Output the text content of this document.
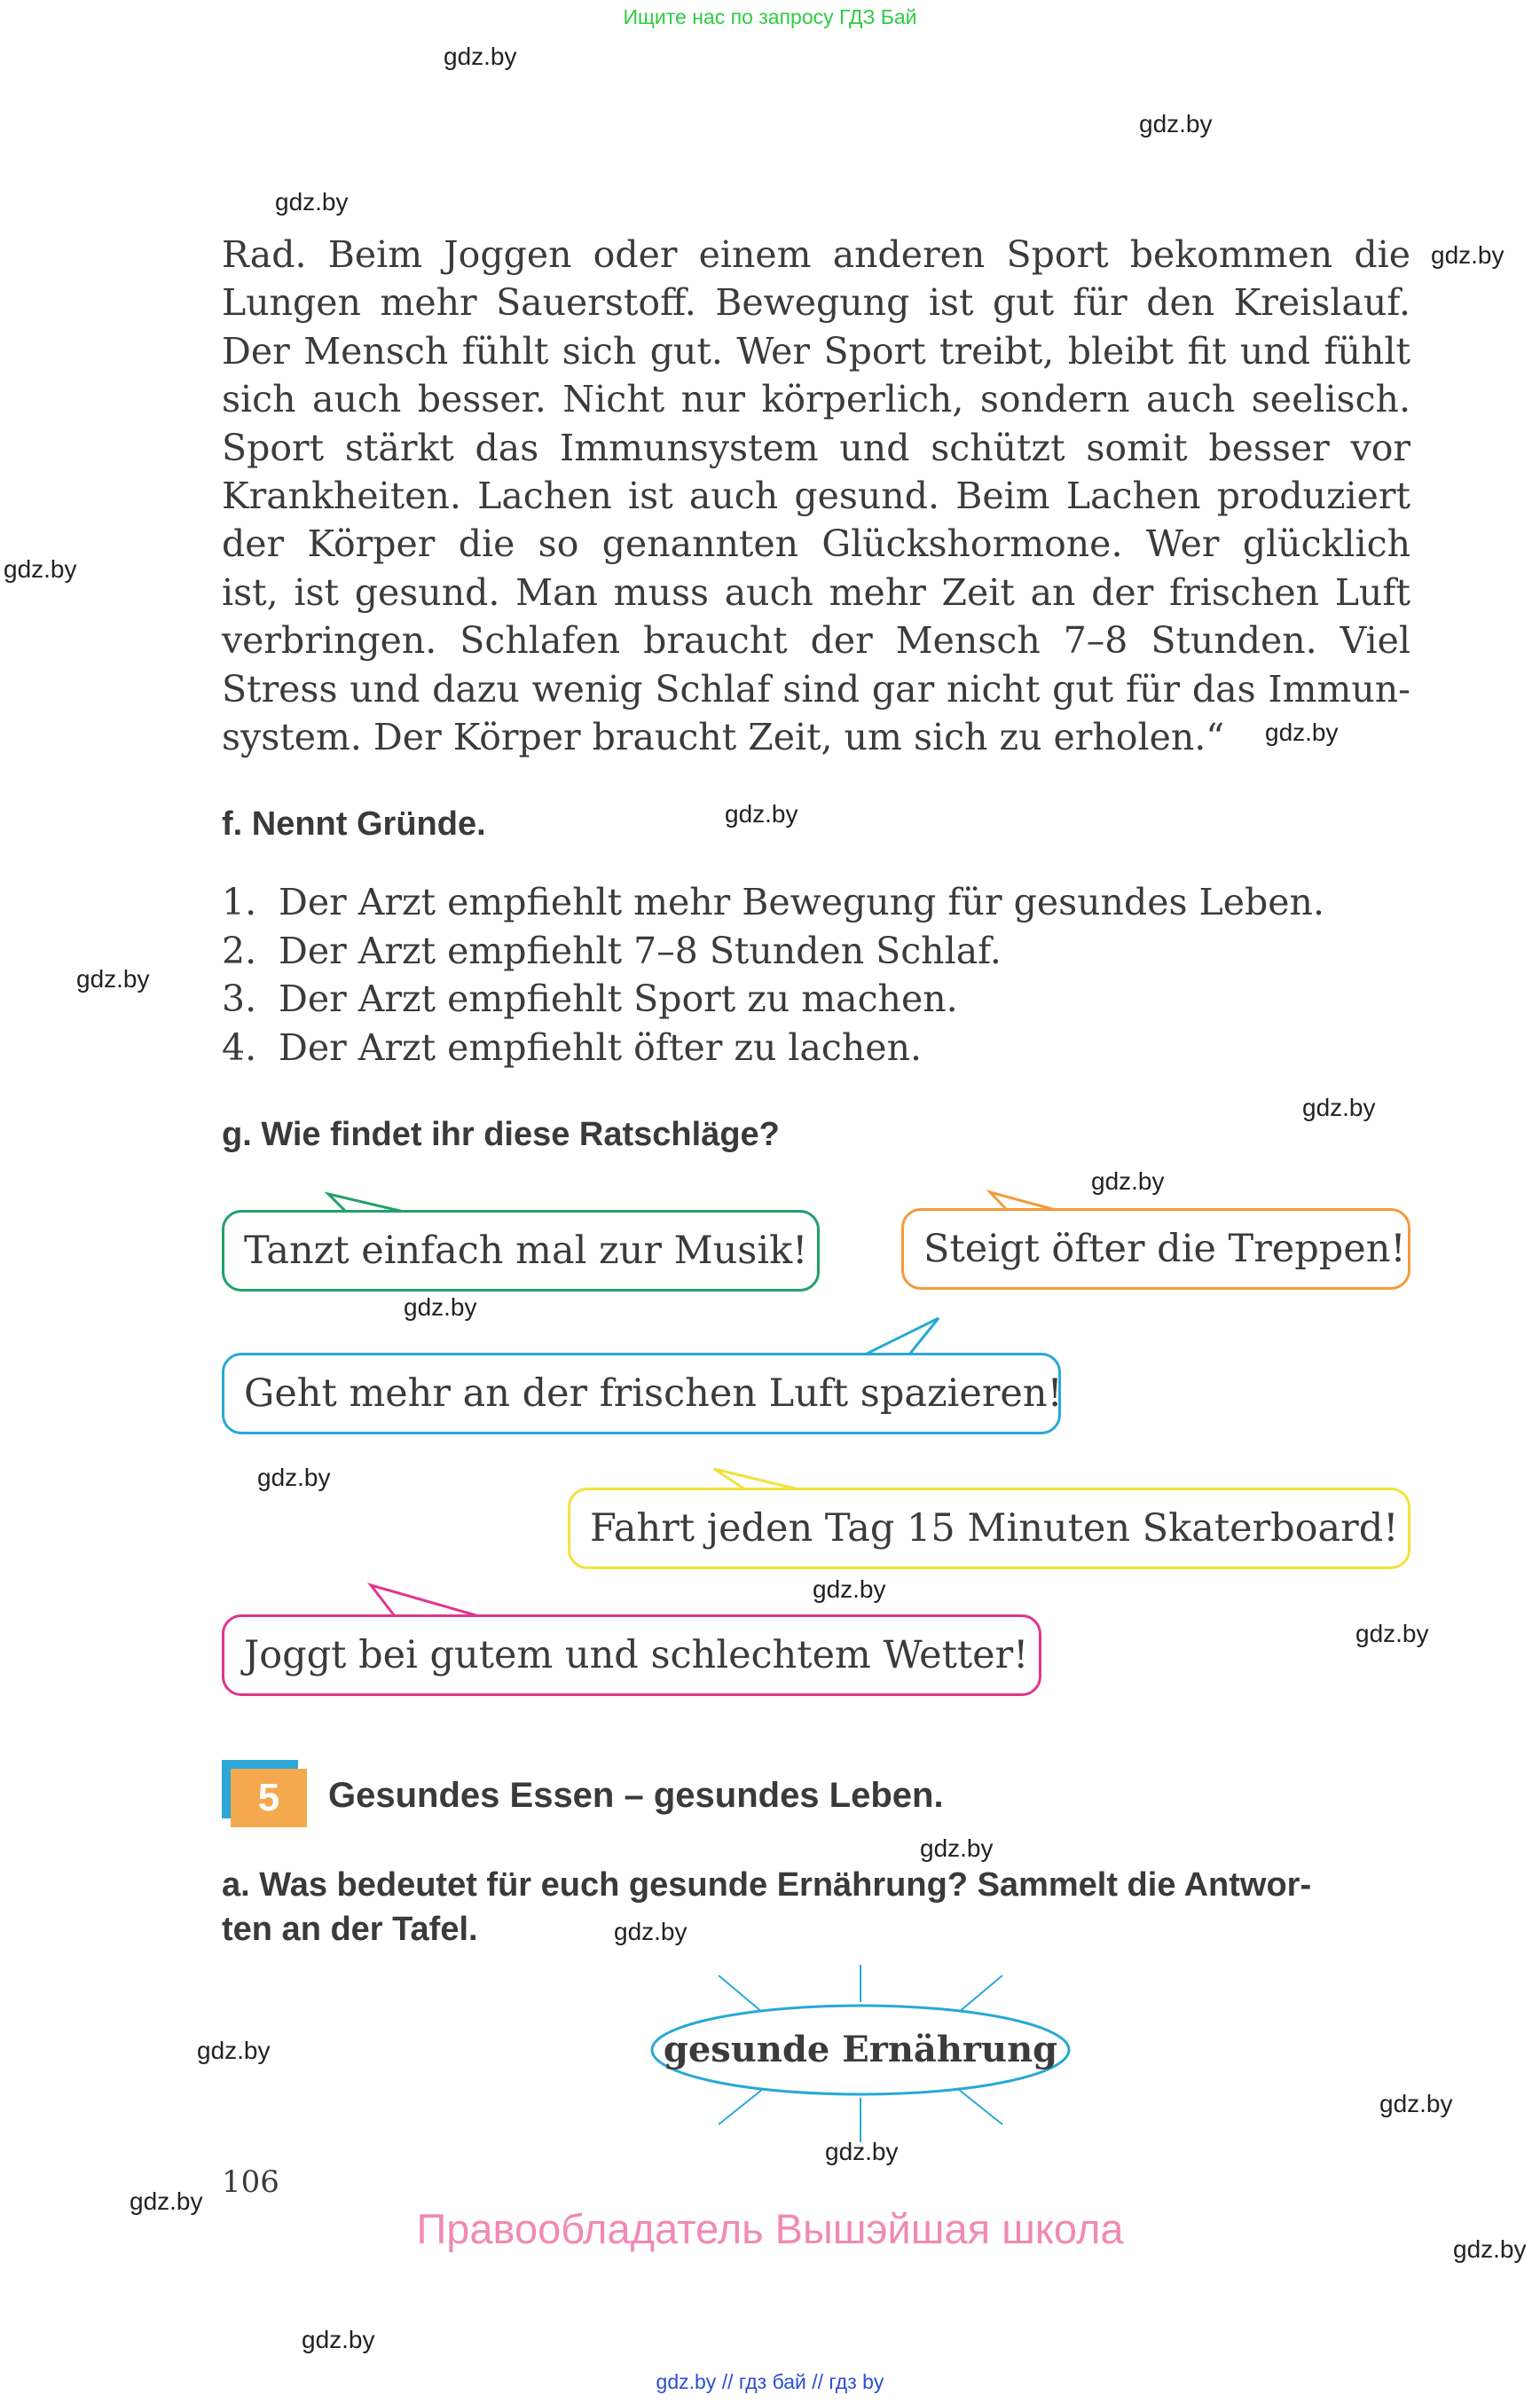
Ищите нас по запросу ГДЗ Бай
gdz.by
gdz.by
gdz.by
gdz.by
gdz.by
gdz.by
gdz.by
gdz.by
gdz.by
gdz.by
gdz.by
gdz.by
gdz.by
gdz.by
gdz.by
gdz.by
gdz.by
gdz.by
gdz.by
gdz.by
gdz.by
gdz.by
Rad. Beim Joggen oder einem anderen Sport bekommen die
Lungen mehr Sauerstoff. Bewegung ist gut für den Kreislauf.
Der Mensch fühlt sich gut. Wer Sport treibt, bleibt fit und fühlt
sich auch besser. Nicht nur körperlich, sondern auch seelisch.
Sport stärkt das Immunsystem und schützt somit besser vor
Krankheiten. Lachen ist auch gesund. Beim Lachen produziert
der Körper die so genannten Glückshormone. Wer glücklich
ist, ist gesund. Man muss auch mehr Zeit an der frischen Luft
verbringen. Schlafen braucht der Mensch 7–8 Stunden. Viel
Stress und dazu wenig Schlaf sind gar nicht gut für das Immun-
system. Der Körper braucht Zeit, um sich zu erholen.“
f. Nennt Gründe.
1. Der Arzt empfiehlt mehr Bewegung für gesundes Leben.
2. Der Arzt empfiehlt 7–8 Stunden Schlaf.
3. Der Arzt empfiehlt Sport zu machen.
4. Der Arzt empfiehlt öfter zu lachen.
g. Wie findet ihr diese Ratschläge?
Tanzt einfach mal zur Musik!	Steigt öfter die Treppen!
Geht mehr an der frischen Luft spazieren!
Fahrt jeden Tag 15 Minuten Skaterboard!
Joggt bei gutem und schlechtem Wetter!
5	Gesundes Essen – gesundes Leben.
a. Was bedeutet für euch gesunde Ernährung? Sammelt die Antwor-
ten an der Tafel.
gesunde Ernährung
106
Правообладатель Вышэйшая школа
gdz.by // гдз бай // гдз by
